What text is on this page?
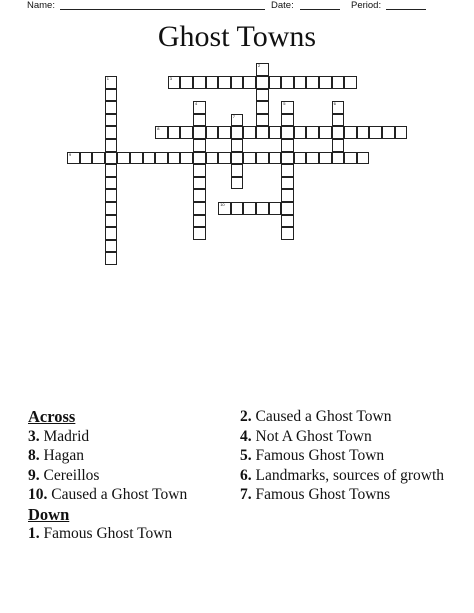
Name:	Date:	Period:
Ghost Towns
3
8
9
10
1
2
4	5	6
7
Across
3. Madrid
8. Hagan
9. Cereillos
10. Caused a Ghost Town
Down
1. Famous Ghost Town
2. Caused a Ghost Town
4. Not A Ghost Town
5. Famous Ghost Town
6. Landmarks, sources of growth
7. Famous Ghost Towns
